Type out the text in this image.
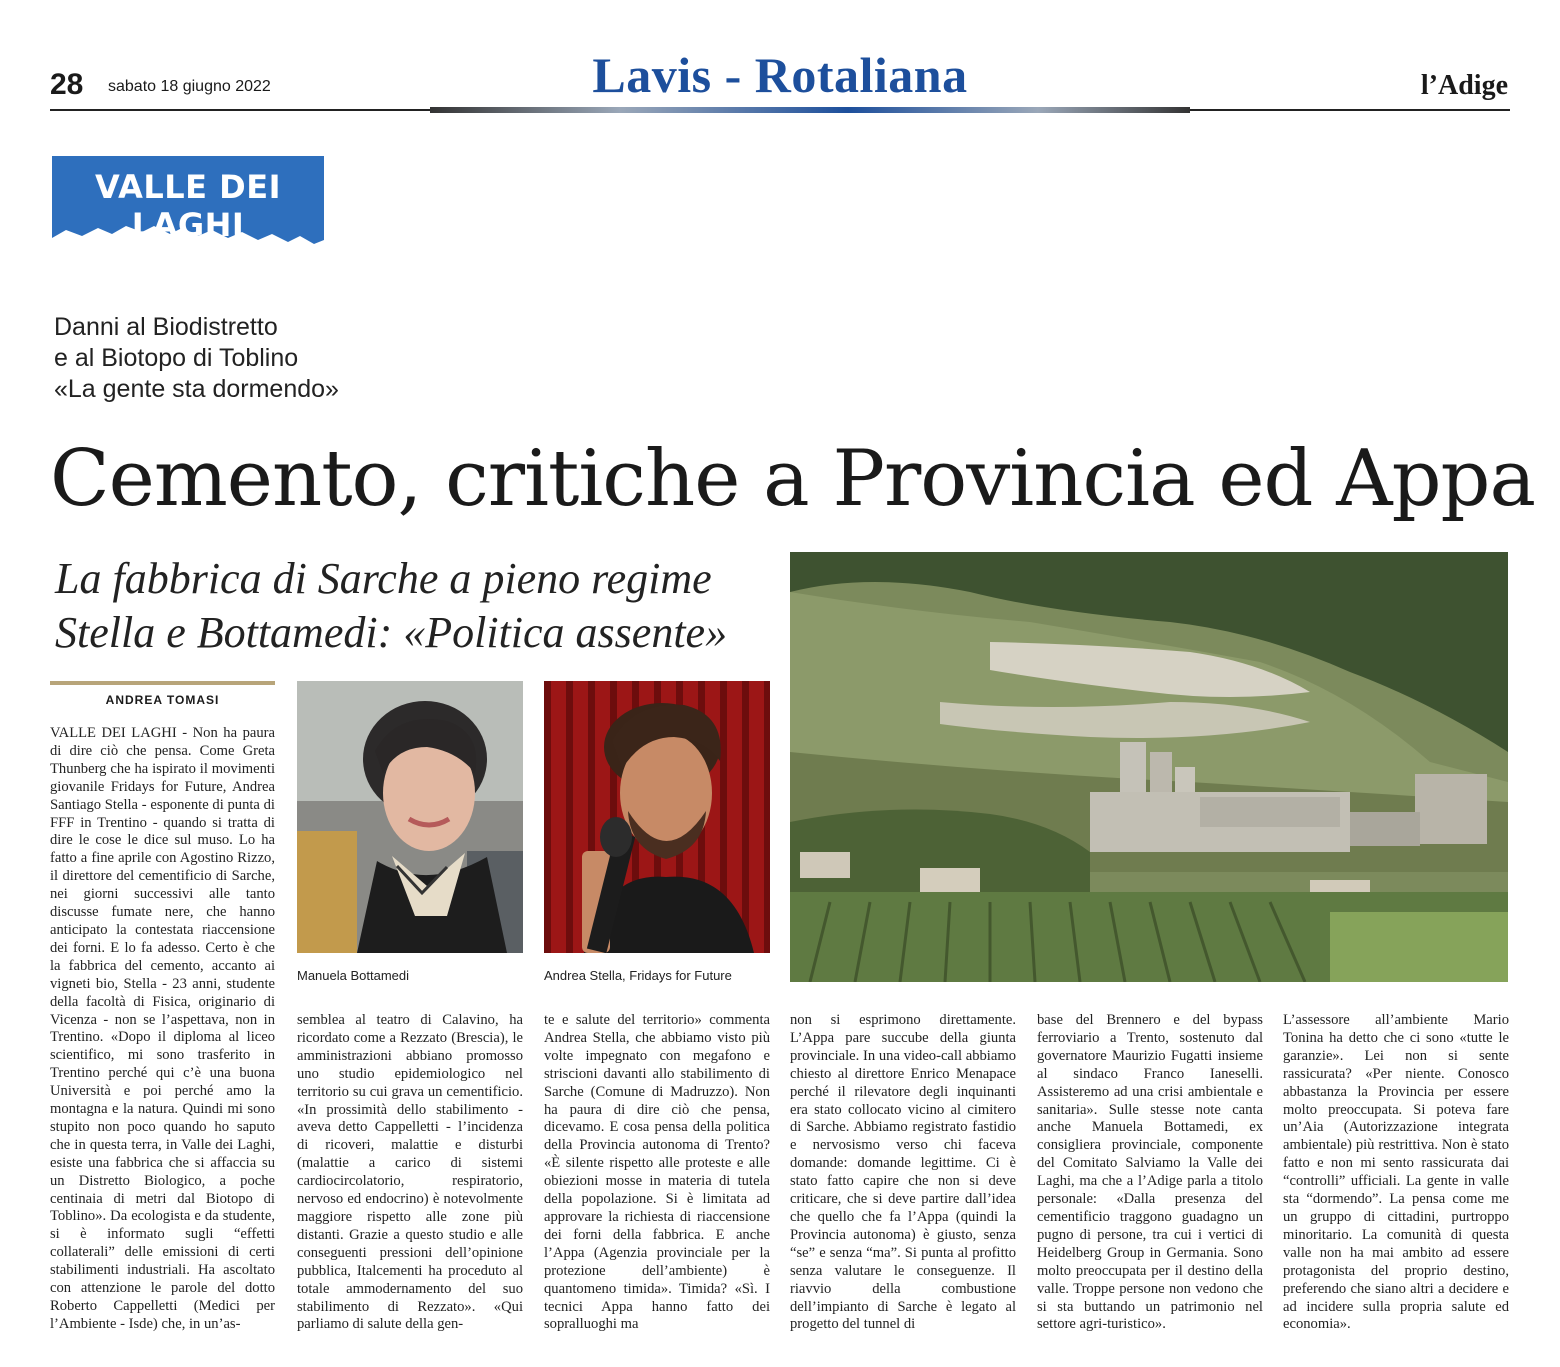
28 sabato 18 giugno 2022	Lavis - Rotaliana	l’Adige
VALLE DEI LAGHI
Danni al Biodistretto
e al Biotopo di Toblino
«La gente sta dormendo»
Cemento, critiche a Provincia ed Appa
La fabbrica di Sarche a pieno regime
Stella e Bottamedi: «Politica assente»
ANDREA TOMASI
Manuela Bottamedi	Andrea Stella, Fridays for Future
VALLE DEI LAGHI - Non ha paura di dire ciò che pensa. Come Greta Thunberg che ha ispirato il movimenti giovanile Fridays for Future, Andrea Santiago Stella - esponente di punta di FFF in Trentino - quando si tratta di dire le cose le dice sul muso. Lo ha fatto a fine aprile con Agostino Rizzo, il direttore del cementificio di Sarche, nei giorni successivi alle tanto discusse fumate nere, che hanno anticipato la contestata riaccensione dei forni. E lo fa adesso. Certo è che la fabbrica del cemento, accanto ai vigneti bio, Stella - 23 anni, studente della facoltà di Fisica, originario di Vicenza - non se l’aspettava, non in Trentino. «Dopo il diploma al liceo scientifico, mi sono trasferito in Trentino perché qui c’è una buona Università e poi perché amo la montagna e la natura. Quindi mi sono stupito non poco quando ho saputo che in questa terra, in Valle dei Laghi, esiste una fabbrica che si affaccia su un Distretto Biologico, a poche centinaia di metri dal Biotopo di Toblino». Da ecologista e da studente, si è informato sugli “effetti collaterali” delle emissioni di certi stabilimenti industriali. Ha ascoltato con attenzione le parole del dotto Roberto Cappelletti (Medici per l’Ambiente - Isde) che, in un’as-
semblea al teatro di Calavino, ha ricordato come a Rezzato (Brescia), le amministrazioni abbiano promosso uno studio epidemiologico nel territorio su cui grava un cementificio. «In prossimità dello stabilimento - aveva detto Cappelletti - l’incidenza di ricoveri, malattie e disturbi (malattie a carico di sistemi cardiocircolatorio, respiratorio, nervoso ed endocrino) è notevolmente maggiore rispetto alle zone più distanti. Grazie a questo studio e alle conseguenti pressioni dell’opinione pubblica, Italcementi ha proceduto al totale ammodernamento del suo stabilimento di Rezzato». «Qui parliamo di salute della gen-
te e salute del territorio» commenta Andrea Stella, che abbiamo visto più volte impegnato con megafono e striscioni davanti allo stabilimento di Sarche (Comune di Madruzzo). Non ha paura di dire ciò che pensa, dicevamo. E cosa pensa della politica della Provincia autonoma di Trento? «È silente rispetto alle proteste e alle obiezioni mosse in materia di tutela della popolazione. Si è limitata ad approvare la richiesta di riaccensione dei forni della fabbrica. E anche l’Appa (Agenzia provinciale per la protezione dell’ambiente) è quantomeno timida». Timida? «Sì. I tecnici Appa hanno fatto dei sopralluoghi ma
non si esprimono direttamente. L’Appa pare succube della giunta provinciale. In una video-call abbiamo chiesto al direttore Enrico Menapace perché il rilevatore degli inquinanti era stato collocato vicino al cimitero di Sarche. Abbiamo registrato fastidio e nervosismo verso chi faceva domande: domande legittime. Ci è stato fatto capire che non si deve criticare, che si deve partire dall’idea che quello che fa l’Appa (quindi la Provincia autonoma) è giusto, senza “se” e senza “ma”. Si punta al profitto senza valutare le conseguenze. Il riavvio della combustione dell’impianto di Sarche è legato al progetto del tunnel di
base del Brennero e del bypass ferroviario a Trento, sostenuto dal governatore Maurizio Fugatti insieme al sindaco Franco Ianeselli. Assisteremo ad una crisi ambientale e sanitaria». Sulle stesse note canta anche Manuela Bottamedi, ex consigliera provinciale, componente del Comitato Salviamo la Valle dei Laghi, ma che a l’Adige parla a titolo personale: «Dalla presenza del cementificio traggono guadagno un pugno di persone, tra cui i vertici di Heidelberg Group in Germania. Sono molto preoccupata per il destino della valle. Troppe persone non vedono che si sta buttando un patrimonio nel settore agri-turistico».
L’assessore all’ambiente Mario Tonina ha detto che ci sono «tutte le garanzie». Lei non si sente rassicurata? «Per niente. Conosco abbastanza la Provincia per essere molto preoccupata. Si poteva fare un’Aia (Autorizzazione integrata ambientale) più restrittiva. Non è stato fatto e non mi sento rassicurata dai “controlli” ufficiali. La gente in valle sta “dormendo”. La pensa come me un gruppo di cittadini, purtroppo minoritario. La comunità di questa valle non ha mai ambito ad essere protagonista del proprio destino, preferendo che siano altri a decidere e ad incidere sulla propria salute ed economia».
